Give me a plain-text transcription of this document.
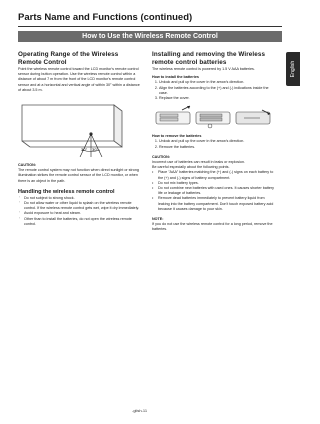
Parts Name and Functions (continued)
How to Use the Wireless Remote Control
English
Operating Range of the Wireless Remote Control

Point the wireless remote control toward the LCD monitor's remote control sensor during button operation. Use the wireless remote control within a distance of about 7 m from the front of the LCD monitor's remote control sensor and at a horizontal and vertical angle of within 30° within a distance of about 3.5 m.

30° 30°

CAUTION:

The remote control system may not function when direct sunlight or strong illumination strikes the remote control sensor of the LCD monitor, or when there is an object in the path.

Handling the wireless remote control
' Do not subject to strong shock.
' Do not allow water or other liquid to splash on the wireless remote control. If the wireless remote control gets wet, wipe it dry immediately.
' Avoid exposure to heat and steam.
' Other than to install the batteries, do not open the wireless remote control.
Installing and removing the Wireless remote control batteries

The wireless remote control is powered by 1.5 V AAA batteries.

How to install the batteries

1. Unlock and pull up the cover in the arrow's direction.
2. Align the batteries according to the (+) and (-) indications inside the case.
3. Replace the cover.

How to remove the batteries

1. Unlock and pull up the cover in the arrow's direction.
2. Remove the batteries.

CAUTION:

Incorrect use of batteries can result in leaks or explosion.

Be careful especially about the following points.

• Place "AAA" batteries matching the (+) and (-) signs on each battery to the (+) and (-) signs of battery compartment.
• Do not mix battery types.
• Do not combine new batteries with used ones. It causes shorter battery life or leakage of batteries.
• Remove dead batteries immediately to prevent battery liquid from leaking into the battery compartment. Don't touch exposed battery acid because it causes damage to your skin.

NOTE:

If you do not use the wireless remote control for a long period, remove the batteries.

-glish-11
